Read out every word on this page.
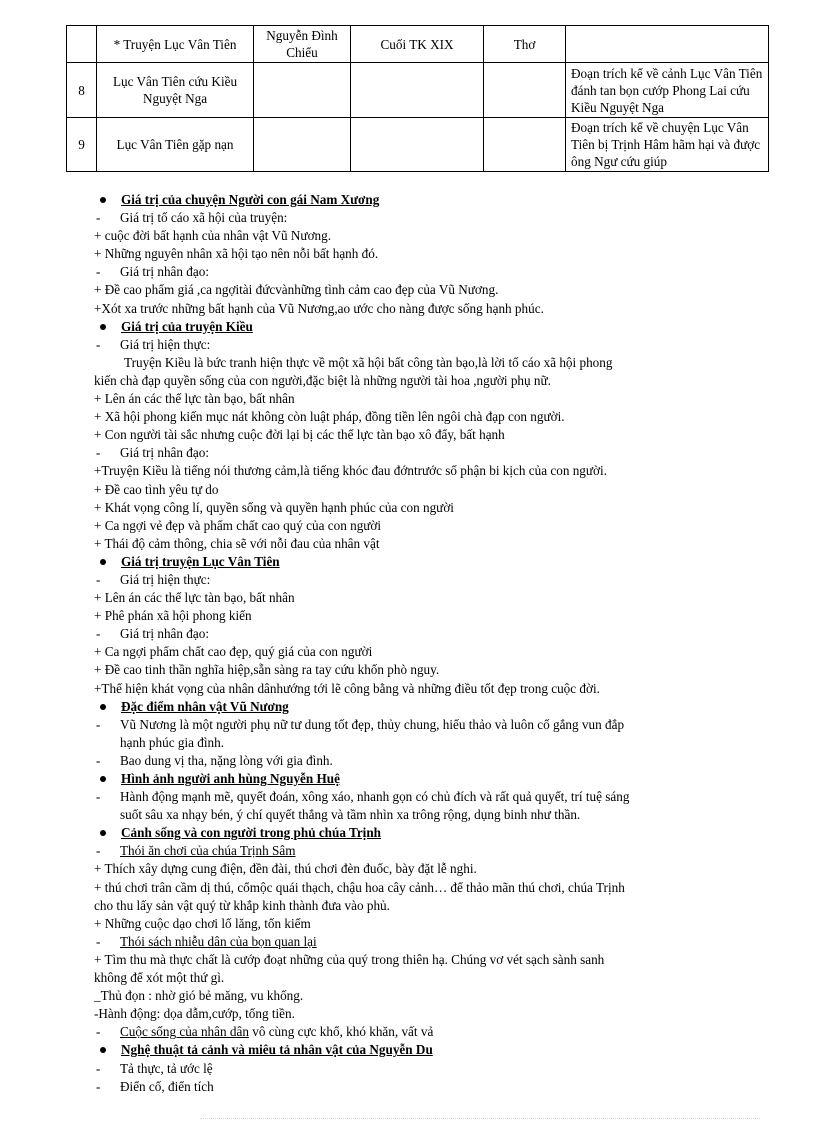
	* Truyện Lục Vân Tiên	Nguyễn Đình Chiểu	Cuối TK XIX	Thơ	
8	Lục Vân Tiên cứu Kiều Nguyệt Nga				Đoạn trích kể về cảnh Lục Vân Tiên đánh tan bọn cướp Phong Lai cứu Kiều Nguyệt Nga
9	Lục Vân Tiên gặp nạn				Đoạn trích kể về chuyện Lục Vân Tiên bị Trịnh Hâm hãm hại và được ông Ngư cứu giúp
Giá trị của chuyện Người con gái Nam Xương
- Giá trị tố cáo xã hội của truyện:
+ cuộc đời bất hạnh của nhân vật Vũ Nương.
+ Những nguyên nhân xã hội tạo nên nỗi bất hạnh đó.
- Giá trị nhân đạo:
+ Đề cao phẩm giá ,ca ngợitài đứcvànhững tình cảm cao đẹp của Vũ Nương.
+Xót xa trước những bất hạnh của Vũ Nương,ao ước cho nàng được sống hạnh phúc.
Giá trị của truyện Kiều
- Giá trị hiện thực:
Truyện Kiều là bức tranh hiện thực về một xã hội bất công tàn bạo,là lời tố cáo xã hội phong
kiến chà đạp quyền sống của con người,đặc biệt là những người tài hoa ,người phụ nữ.
+ Lên án các thế lực tàn bạo, bất nhân
+ Xã hội phong kiến mục nát không còn luật pháp, đồng tiền lên ngôi chà đạp con người.
+ Con người tài sắc nhưng cuộc đời lại bị các thế lực tàn bạo xô đẩy, bất hạnh
- Giá trị nhân đạo:
+Truyện Kiều là tiếng nói thương cảm,là tiếng khóc đau đớntrước số phận bi kịch của con người.
+ Đề cao tình yêu tự do
+ Khát vọng công lí, quyền sống và quyền hạnh phúc của con người
+ Ca ngợi vẻ đẹp và phẩm chất cao quý của con người
+ Thái độ cảm thông, chia sẽ với nỗi đau của nhân vật
Giá trị truyện Lục Vân Tiên
- Giá trị hiện thực:
+ Lên án các thế lực tàn bạo, bất nhân
+ Phê phán xã hội phong kiến
- Giá trị nhân đạo:
+ Ca ngợi phẩm chất cao đẹp, quý giá của con người
+ Đề cao tinh thần nghĩa hiệp,sẵn sàng ra tay cứu khốn phò nguy.
+Thể hiện khát vọng của nhân dânhướng tới lẽ công bằng và những điều tốt đẹp trong cuộc đời.
Đặc điểm nhân vật Vũ Nương
- Vũ Nương là một người phụ nữ tư dung tốt đẹp, thủy chung, hiếu thảo và luôn cố gắng vun đắp
hạnh phúc gia đình.
- Bao dung vị tha, nặng lòng với gia đình.
Hình ảnh người anh hùng Nguyễn Huệ
- Hành động mạnh mẽ, quyết đoán, xông xáo, nhanh gọn có chủ đích và rất quả quyết, trí tuệ sáng
suốt sâu xa nhạy bén, ý chí quyết thắng và tầm nhìn xa trông rộng, dụng binh như thần.
Cảnh sống và con người trong phủ chúa Trịnh
- Thói ăn chơi của chúa Trịnh Sâm
+ Thích xây dựng cung điện, đền đài, thú chơi đèn đuốc, bày đặt lễ nghi.
+ thú chơi trân cầm dị thú, cổmộc quái thạch, chậu hoa cây cảnh… để thảo mãn thú chơi, chúa Trịnh
cho thu lấy sản vật quý từ khắp kinh thành đưa vào phủ.
+ Những cuộc dạo chơi lố lăng, tốn kiếm
- Thói sách nhiễu dân của bọn quan lại
+ Tìm thu mà thực chất là cướp đoạt những của quý trong thiên hạ. Chúng vơ vét sạch sành sanh
không để xót một thứ gì.
_Thủ đọn : nhờ gió bẻ măng, vu khống.
-Hành động: dọa dẫm,cướp, tống tiền.
- Cuộc sống của nhân dân vô cùng cực khổ, khó khăn, vất vả
Nghệ thuật tả cảnh và miêu tả nhân vật của Nguyễn Du
- Tả thực, tả ước lệ
- Điển cố, điển tích
